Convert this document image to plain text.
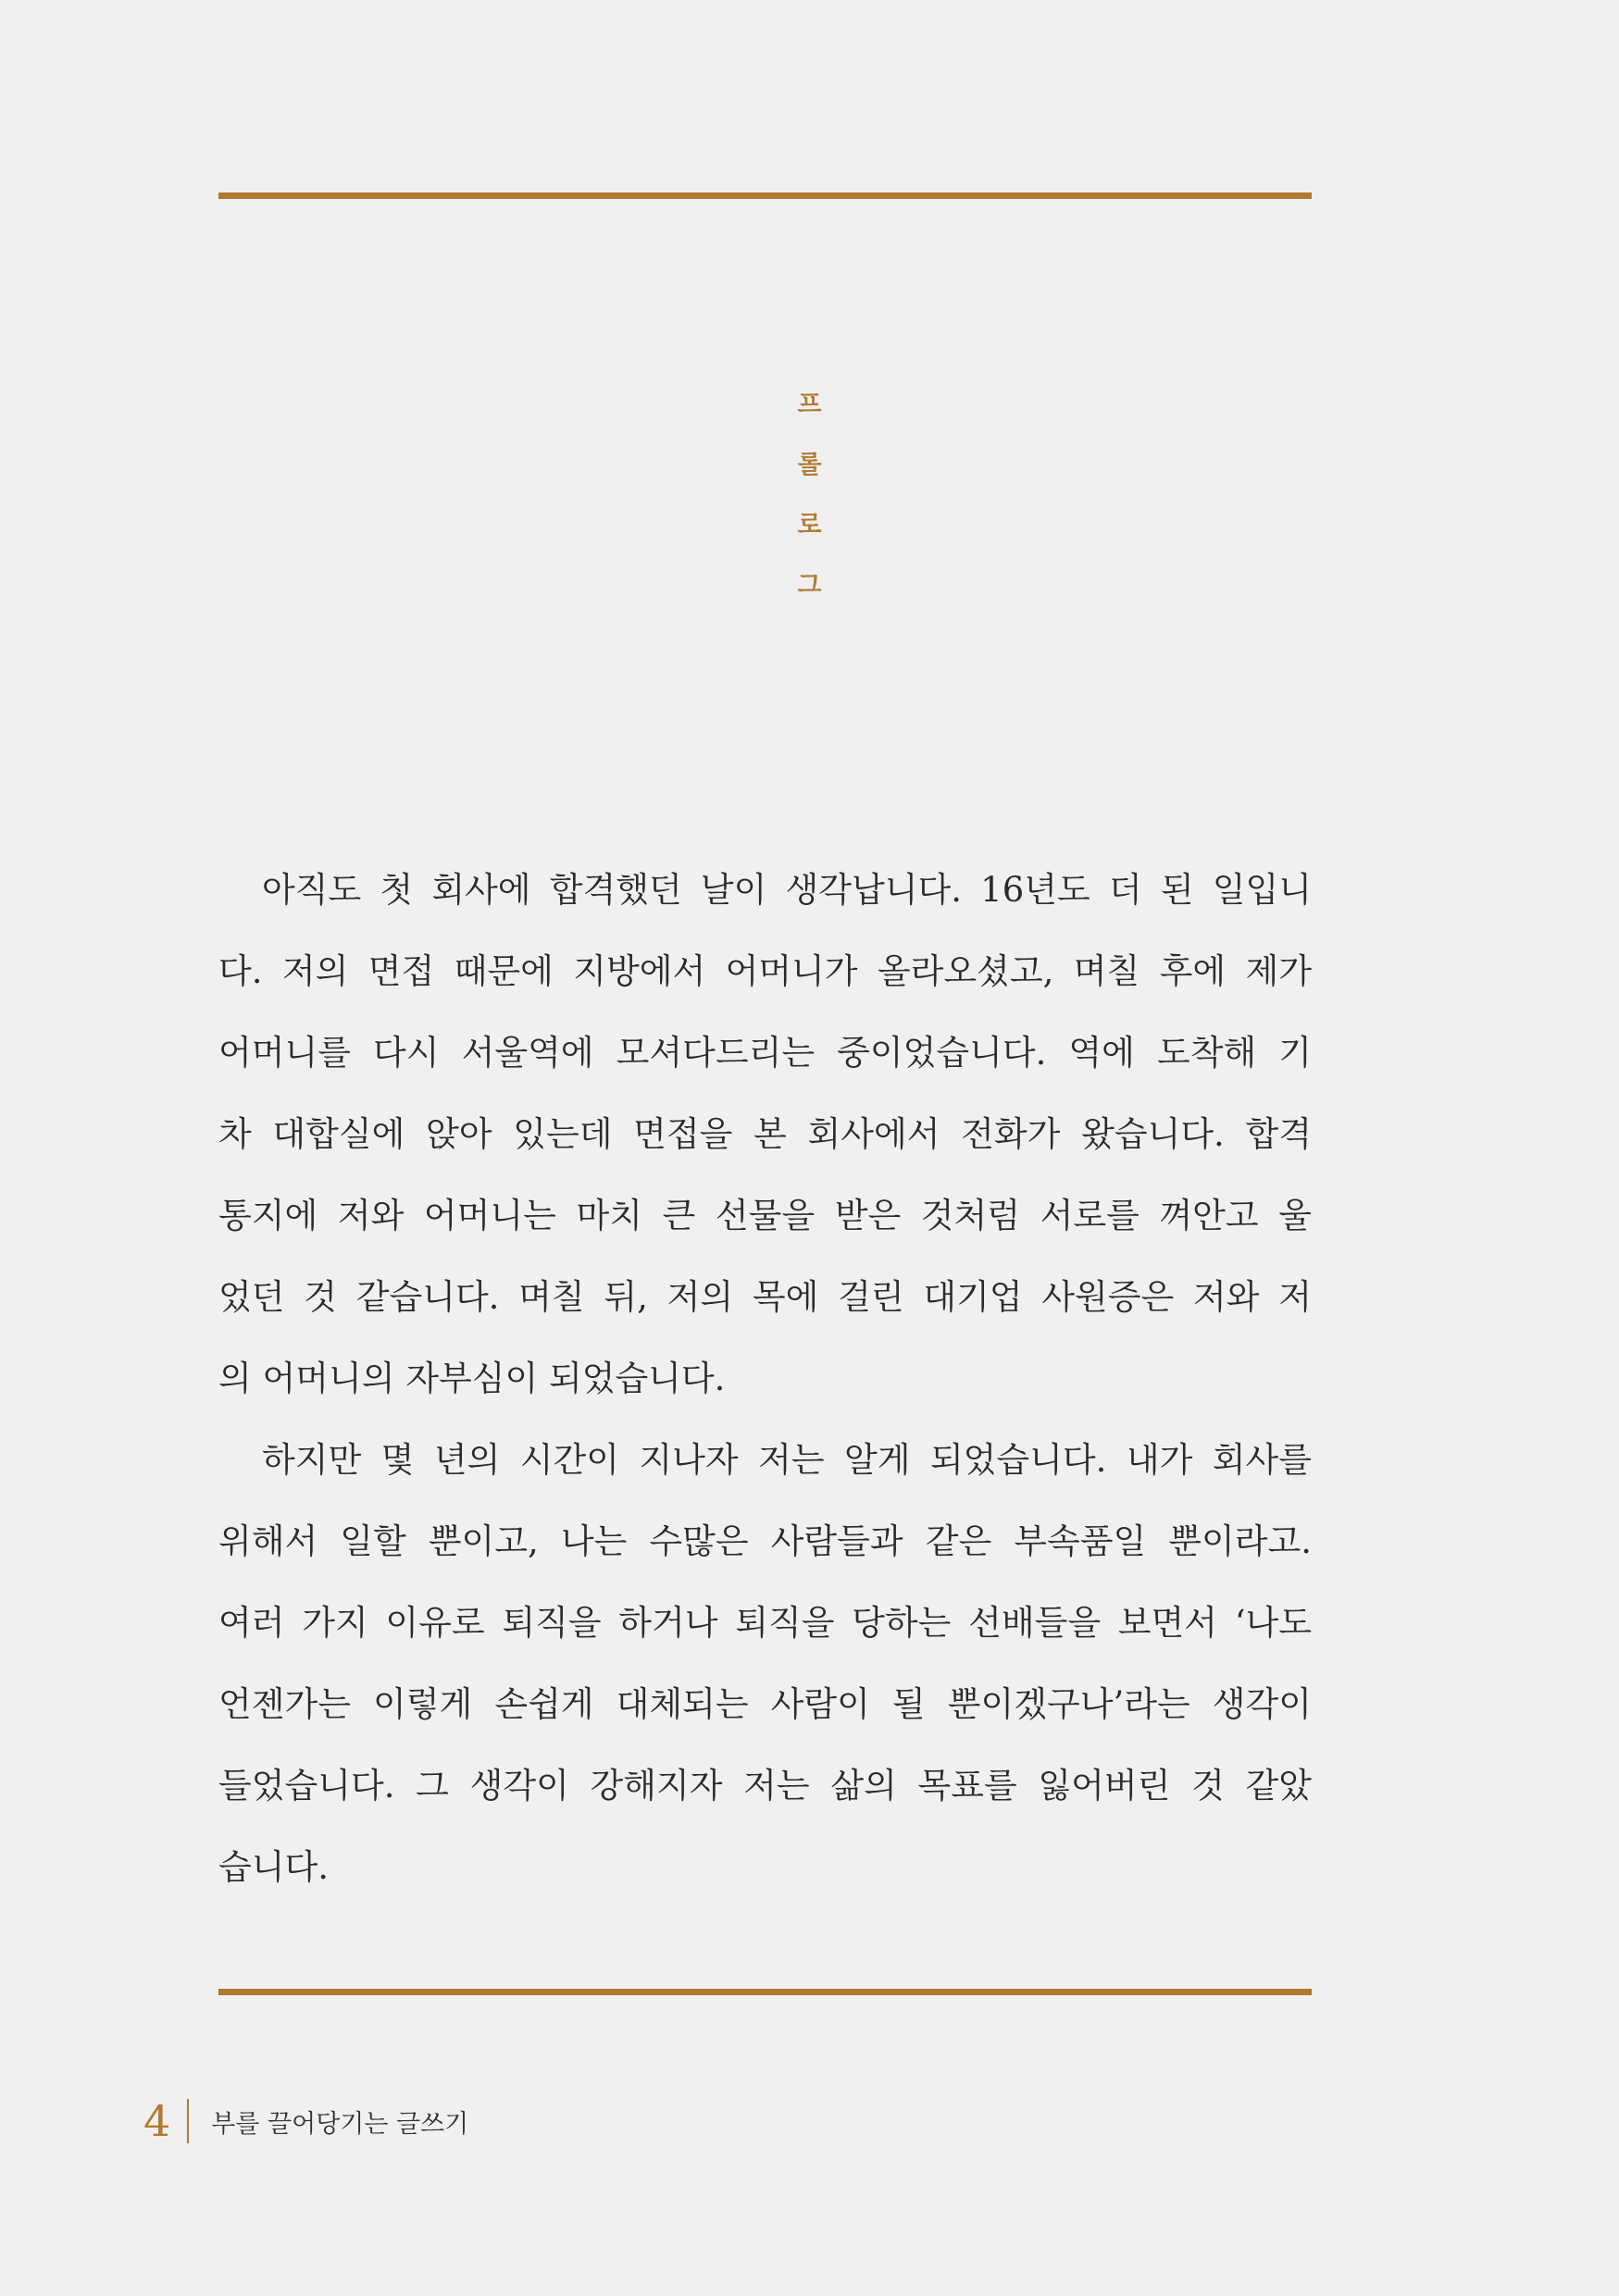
프
롤
로
그
아직도 첫 회사에 합격했던 날이 생각납니다. 16년도 더 된 일입니
다. 저의 면접 때문에 지방에서 어머니가 올라오셨고, 며칠 후에 제가
어머니를 다시 서울역에 모셔다드리는 중이었습니다. 역에 도착해 기
차 대합실에 앉아 있는데 면접을 본 회사에서 전화가 왔습니다. 합격
통지에 저와 어머니는 마치 큰 선물을 받은 것처럼 서로를 껴안고 울
었던 것 같습니다. 며칠 뒤, 저의 목에 걸린 대기업 사원증은 저와 저
의 어머니의 자부심이 되었습니다.
하지만 몇 년의 시간이 지나자 저는 알게 되었습니다. 내가 회사를
위해서 일할 뿐이고, 나는 수많은 사람들과 같은 부속품일 뿐이라고.
여러 가지 이유로 퇴직을 하거나 퇴직을 당하는 선배들을 보면서 ‘나도
언젠가는 이렇게 손쉽게 대체되는 사람이 될 뿐이겠구나’라는 생각이
들었습니다. 그 생각이 강해지자 저는 삶의 목표를 잃어버린 것 같았
습니다.
4 부를 끌어당기는 글쓰기
